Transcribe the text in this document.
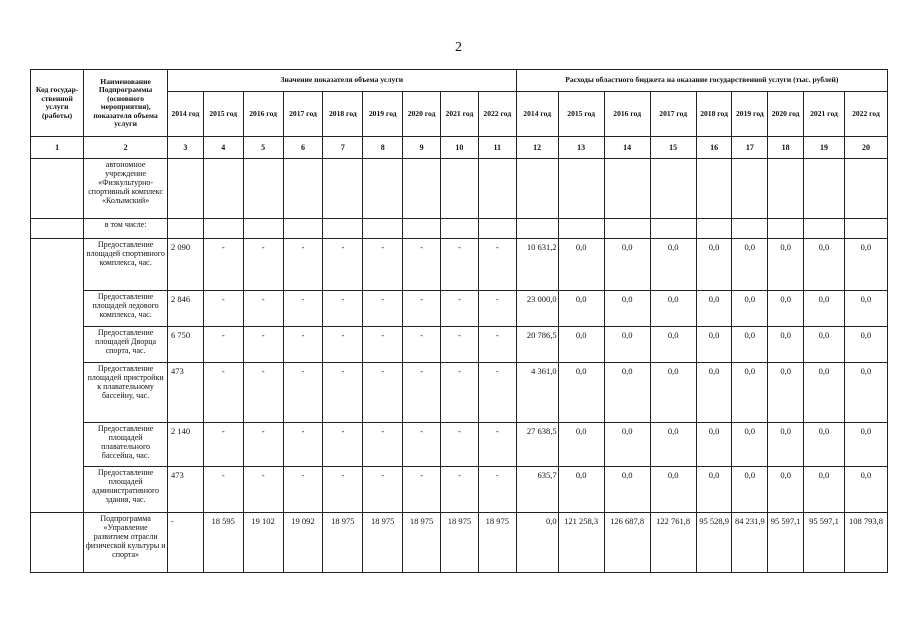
2
Код государ-ственной услуги (работы)	Наименование Подпрограммы (основного мероприятия), показателя объема услуги	Значение показателя объема услуги									Расходы областного бюджета на оказание государственной услуги (тыс. рублей)								
		2014 год	2015 год	2016 год	2017 год	2018 год	2019 год	2020 год	2021 год	2022 год	2014 год	2015 год	2016 год	2017 год	2018 год	2019 год	2020 год	2021 год	2022 год
1	2	3	4	5	6	7	8	9	10	11	12	13	14	15	16	17	18	19	20
	автономное учреждение «Физкультурно-спортивный комплекс «Колымский»																		
	в том числе:																		
	Предоставление площадей спортивного комплекса, час.	2 090	-	-	-	-	-	-	-	-	10 631,2	0,0	0,0	0,0	0,0	0,0	0,0	0,0	0,0
	Предоставление площадей ледового комплекса, час.	2 846	-	-	-	-	-	-	-	-	23 000,0	0,0	0,0	0,0	0,0	0,0	0,0	0,0	0,0
	Предоставление площадей Дворца спорта, час.	6 750	-	-	-	-	-	-	-	-	20 786,5	0,0	0,0	0,0	0,0	0,0	0,0	0,0	0,0
	Предоставление площадей пристройки к плавательному бассейну, час.	473	-	-	-	-	-	-	-	-	4 361,0	0,0	0,0	0,0	0,0	0,0	0,0	0,0	0,0
	Предоставление площадей плавательного бассейна, час.	2 140	-	-	-	-	-	-	-	-	27 638,5	0,0	0,0	0,0	0,0	0,0	0,0	0,0	0,0
	Предоставление площадей административного здания, час.	473	-	-	-	-	-	-	-	-	635,7	0,0	0,0	0,0	0,0	0,0	0,0	0,0	0,0
	Подпрограмма «Управление развитием отрасли физической культуры и спорта»	-	18 595	19 102	19 092	18 975	18 975	18 975	18 975	18 975	0,0	121 258,3	126 687,8	122 761,8	95 528,9	84 231,9	95 597,1	95 597,1	108 793,8
